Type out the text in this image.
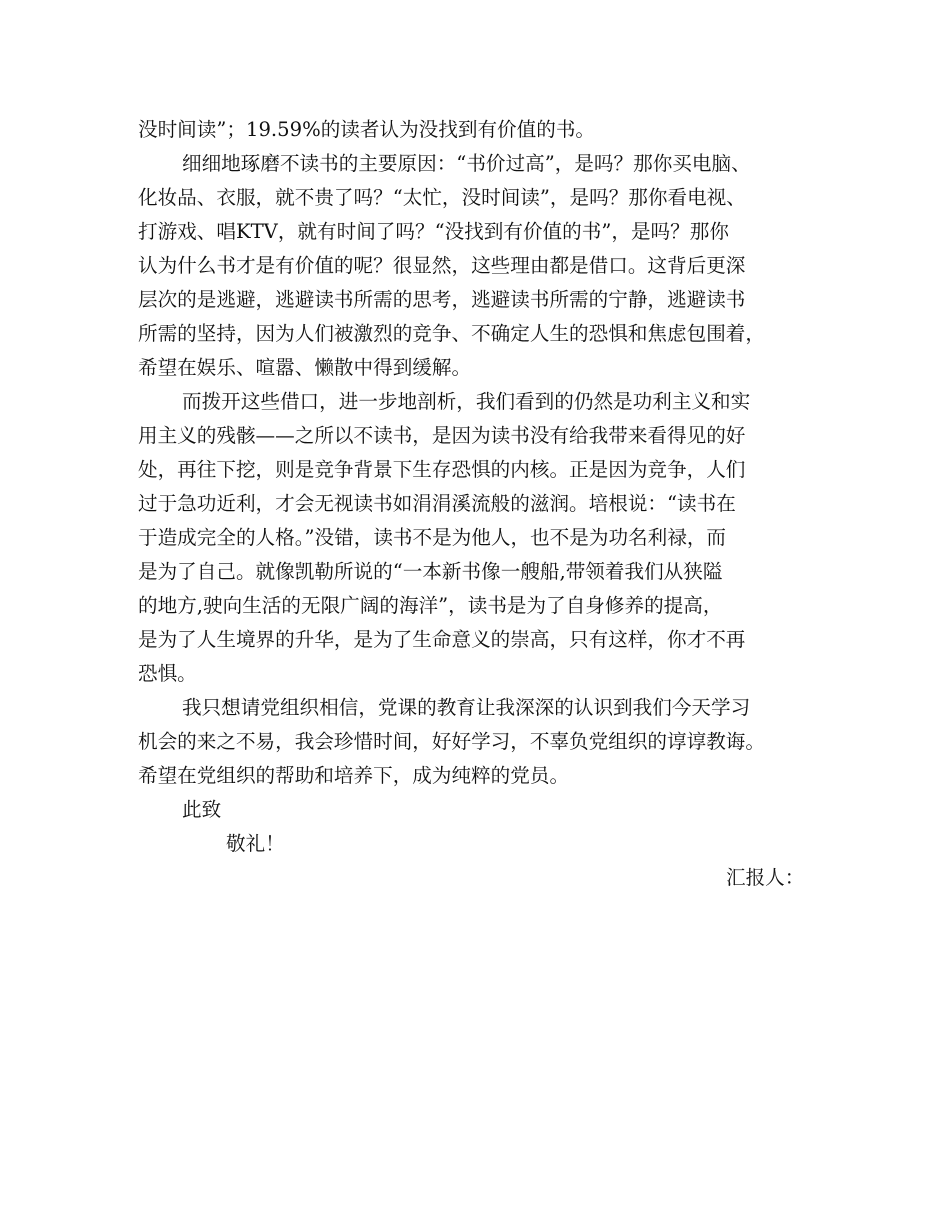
没时间读”；19.59%的读者认为没找到有价值的书。
细细地琢磨不读书的主要原因：“书价过高”，是吗？那你买电脑、
化妆品、衣服，就不贵了吗？“太忙，没时间读”，是吗？那你看电视、
打游戏、唱KTV，就有时间了吗？“没找到有价值的书”，是吗？那你
认为什么书才是有价值的呢？很显然，这些理由都是借口。这背后更深
层次的是逃避，逃避读书所需的思考，逃避读书所需的宁静，逃避读书
所需的坚持，因为人们被激烈的竞争、不确定人生的恐惧和焦虑包围着，
希望在娱乐、喧嚣、懒散中得到缓解。
而拨开这些借口，进一步地剖析，我们看到的仍然是功利主义和实
用主义的残骸——之所以不读书，是因为读书没有给我带来看得见的好
处，再往下挖，则是竞争背景下生存恐惧的内核。正是因为竞争，人们
过于急功近利，才会无视读书如涓涓溪流般的滋润。培根说：“读书在
于造成完全的人格。”没错，读书不是为他人，也不是为功名利禄，而
是为了自己。就像凯勒所说的“一本新书像一艘船,带领着我们从狭隘
的地方,驶向生活的无限广阔的海洋”，读书是为了自身修养的提高，
是为了人生境界的升华，是为了生命意义的崇高，只有这样，你才不再
恐惧。
我只想请党组织相信，党课的教育让我深深的认识到我们今天学习
机会的来之不易，我会珍惜时间，好好学习，不辜负党组织的谆谆教诲。
希望在党组织的帮助和培养下，成为纯粹的党员。
此致
敬礼！
汇报人：
